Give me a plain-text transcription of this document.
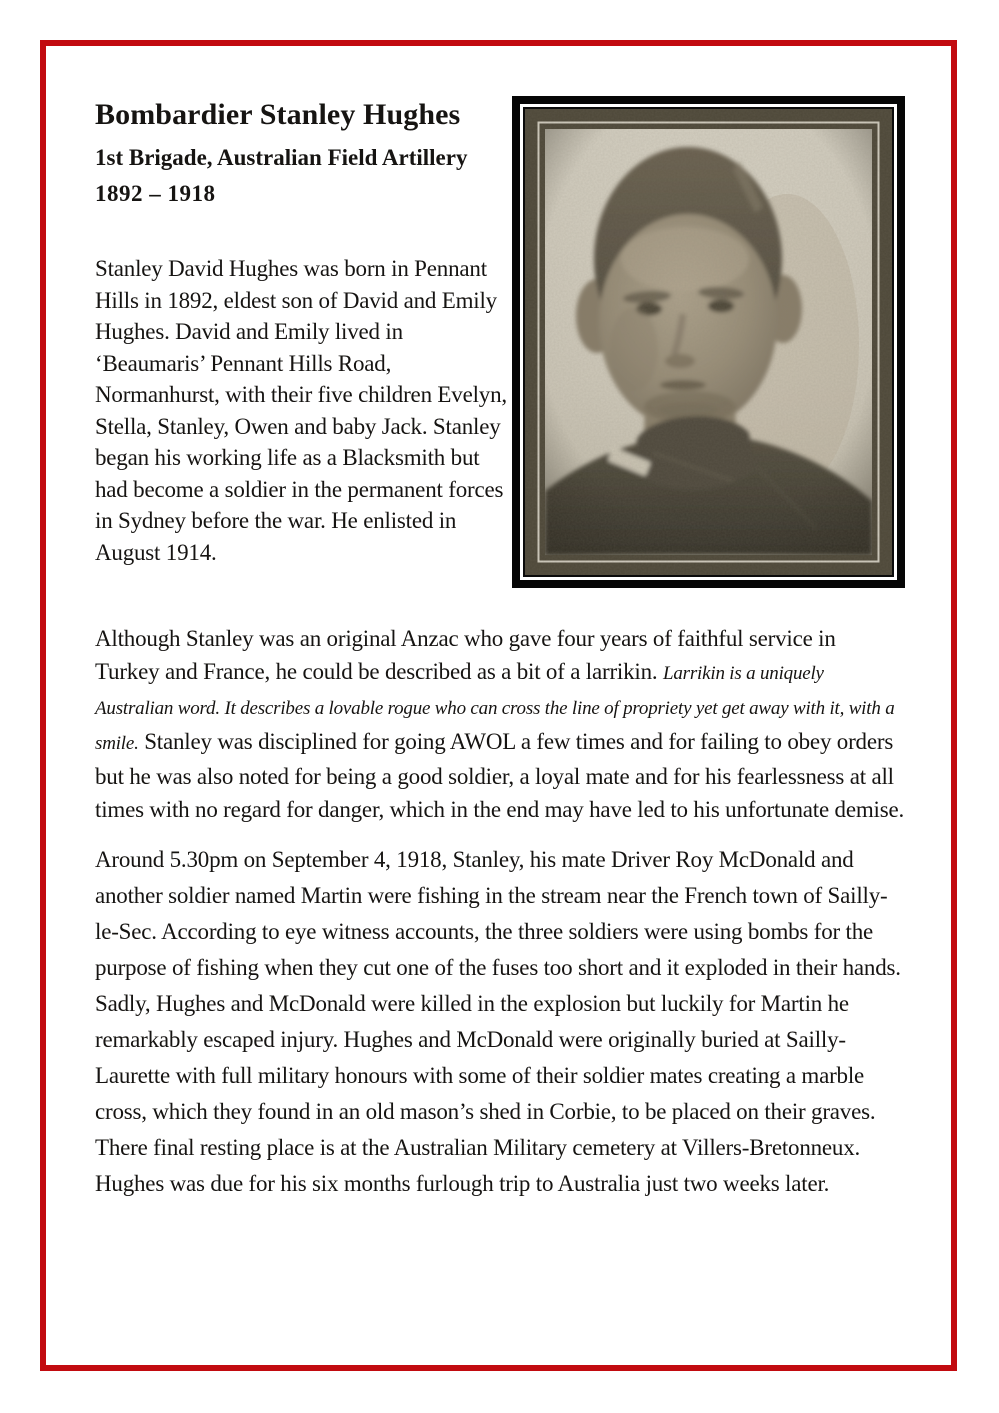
Bombardier Stanley Hughes
1st Brigade, Australian Field Artillery
1892 – 1918

Stanley David Hughes was born in Pennant Hills in 1892, eldest son of David and Emily Hughes. David and Emily lived in ‘Beaumaris’ Pennant Hills Road, Normanhurst, with their five children Evelyn, Stella, Stanley, Owen and baby Jack. Stanley began his working life as a Blacksmith but had become a soldier in the permanent forces in Sydney before the war. He enlisted in August 1914.

Although Stanley was an original Anzac who gave four years of faithful service in Turkey and France, he could be described as a bit of a larrikin. Larrikin is a uniquely Australian word. It describes a lovable rogue who can cross the line of propriety yet get away with it, with a smile. Stanley was disciplined for going AWOL a few times and for failing to obey orders but he was also noted for being a good soldier, a loyal mate and for his fearlessness at all times with no regard for danger, which in the end may have led to his unfortunate demise.

Around 5.30pm on September 4, 1918, Stanley, his mate Driver Roy McDonald and another soldier named Martin were fishing in the stream near the French town of Sailly-le-Sec. According to eye witness accounts, the three soldiers were using bombs for the purpose of fishing when they cut one of the fuses too short and it exploded in their hands. Sadly, Hughes and McDonald were killed in the explosion but luckily for Martin he remarkably escaped injury. Hughes and McDonald were originally buried at Sailly-Laurette with full military honours with some of their soldier mates creating a marble cross, which they found in an old mason’s shed in Corbie, to be placed on their graves. There final resting place is at the Australian Military cemetery at Villers-Bretonneux. Hughes was due for his six months furlough trip to Australia just two weeks later.
